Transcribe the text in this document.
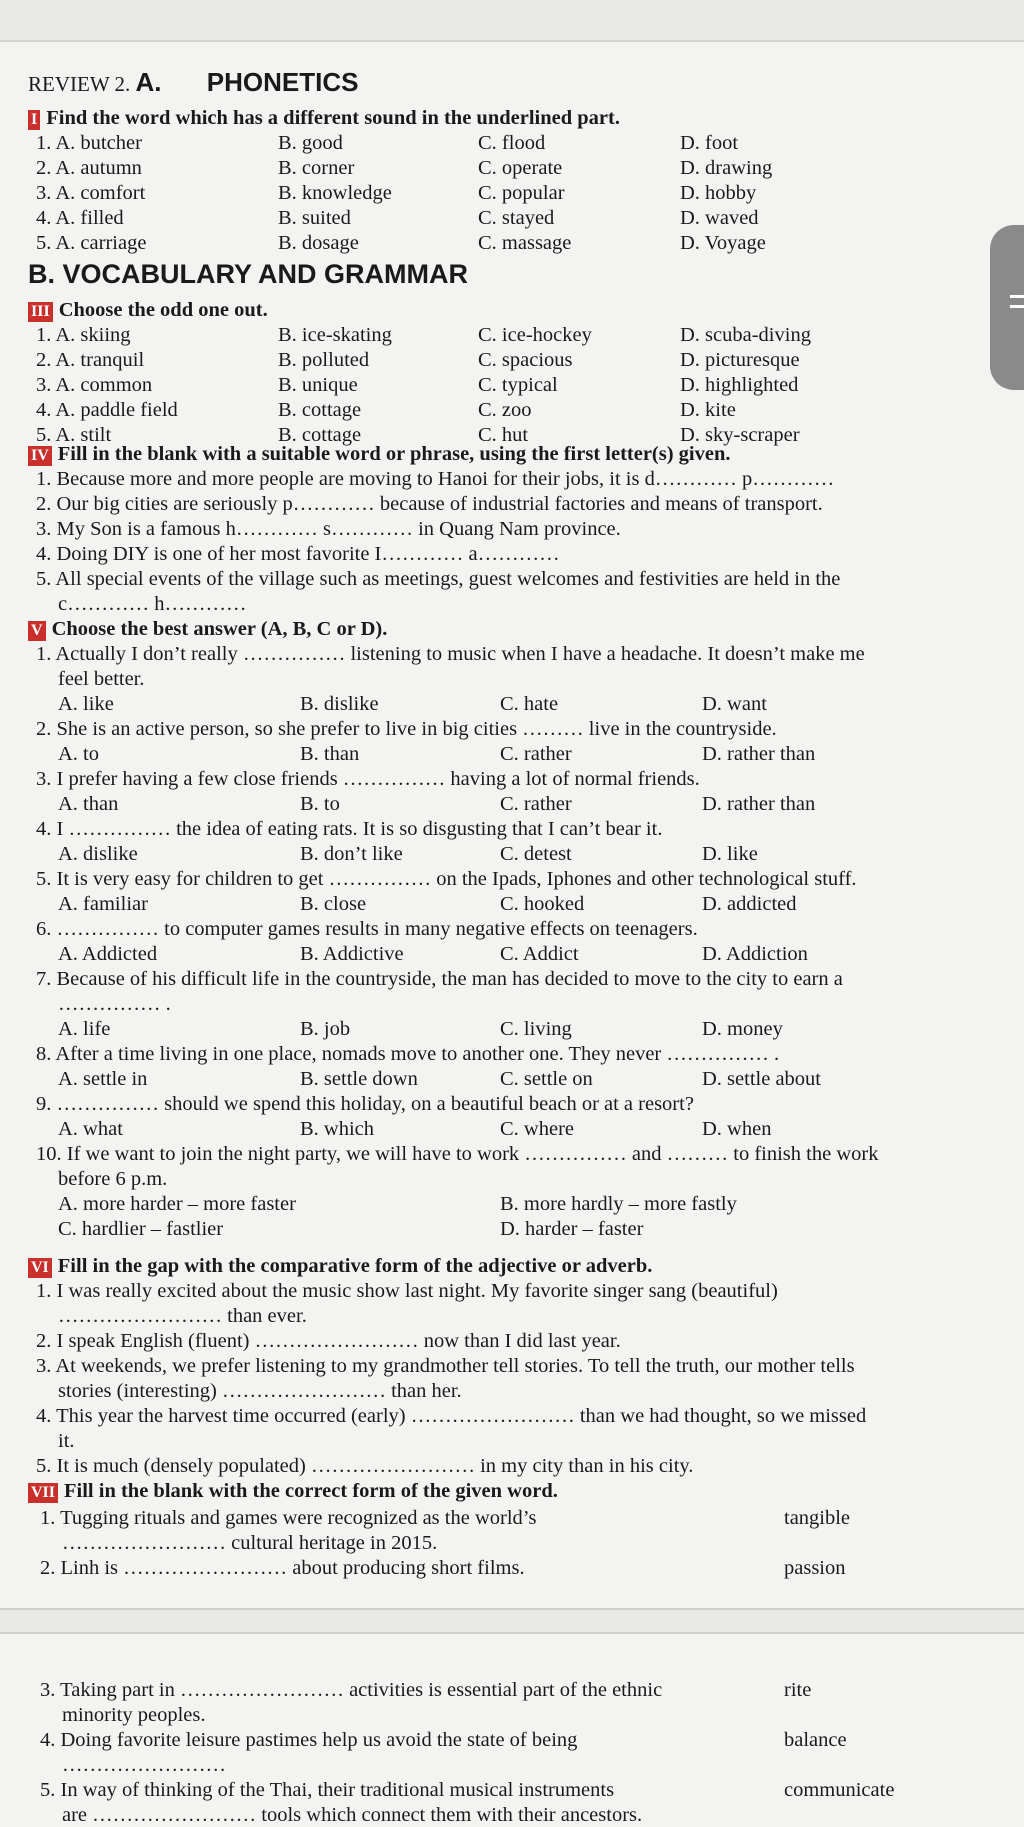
REVIEW 2. A. PHONETICS
I Find the word which has a different sound in the underlined part.
1. A. butcher	B. good	C. flood	D. foot
2. A. autumn	B. corner	C. operate	D. drawing
3. A. comfort	B. knowledge	C. popular	D. hobby
4. A. filled	B. suited	C. stayed	D. waved
5. A. carriage	B. dosage	C. massage	D. Voyage
B. VOCABULARY AND GRAMMAR
III Choose the odd one out.
1. A. skiing	B. ice-skating	C. ice-hockey	D. scuba-diving
2. A. tranquil	B. polluted	C. spacious	D. picturesque
3. A. common	B. unique	C. typical	D. highlighted
4. A. paddle field	B. cottage	C. zoo	D. kite
5. A. stilt	B. cottage	C. hut	D. sky-scraper
IV Fill in the blank with a suitable word or phrase, using the first letter(s) given.
1. Because more and more people are moving to Hanoi for their jobs, it is d………… p…………
2. Our big cities are seriously p………… because of industrial factories and means of transport.
3. My Son is a famous h………… s………… in Quang Nam province.
4. Doing DIY is one of her most favorite I………… a…………
5. All special events of the village such as meetings, guest welcomes and festivities are held in the
c………… h…………
V Choose the best answer (A, B, C or D).
1. Actually I don’t really …………… listening to music when I have a headache. It doesn’t make me
feel better.
A. like	B. dislike	C. hate	D. want
2. She is an active person, so she prefer to live in big cities ……… live in the countryside.
A. to	B. than	C. rather	D. rather than
3. I prefer having a few close friends …………… having a lot of normal friends.
A. than	B. to	C. rather	D. rather than
4. I …………… the idea of eating rats. It is so disgusting that I can’t bear it.
A. dislike	B. don’t like	C. detest	D. like
5. It is very easy for children to get …………… on the Ipads, Iphones and other technological stuff.
A. familiar	B. close	C. hooked	D. addicted
6. …………… to computer games results in many negative effects on teenagers.
A. Addicted	B. Addictive	C. Addict	D. Addiction
7. Because of his difficult life in the countryside, the man has decided to move to the city to earn a
…………… .
A. life	B. job	C. living	D. money
8. After a time living in one place, nomads move to another one. They never …………… .
A. settle in	B. settle down	C. settle on	D. settle about
9. …………… should we spend this holiday, on a beautiful beach or at a resort?
A. what	B. which	C. where	D. when
10. If we want to join the night party, we will have to work …………… and ……… to finish the work
before 6 p.m.
A. more harder – more faster	B. more hardly – more fastly
C. hardlier – fastlier	D. harder – faster
VI Fill in the gap with the comparative form of the adjective or adverb.
1. I was really excited about the music show last night. My favorite singer sang (beautiful)
…………………… than ever.
2. I speak English (fluent) …………………… now than I did last year.
3. At weekends, we prefer listening to my grandmother tell stories. To tell the truth, our mother tells
stories (interesting) …………………… than her.
4. This year the harvest time occurred (early) …………………… than we had thought, so we missed
it.
5. It is much (densely populated) …………………… in my city than in his city.
VII Fill in the blank with the correct form of the given word.
1. Tugging rituals and games were recognized as the world’s	tangible
…………………… cultural heritage in 2015.
2. Linh is …………………… about producing short films.	passion
3. Taking part in …………………… activities is essential part of the ethnic	rite
minority peoples.
4. Doing favorite leisure pastimes help us avoid the state of being	balance
……………………
5. In way of thinking of the Thai, their traditional musical instruments	communicate
are …………………… tools which connect them with their ancestors.
